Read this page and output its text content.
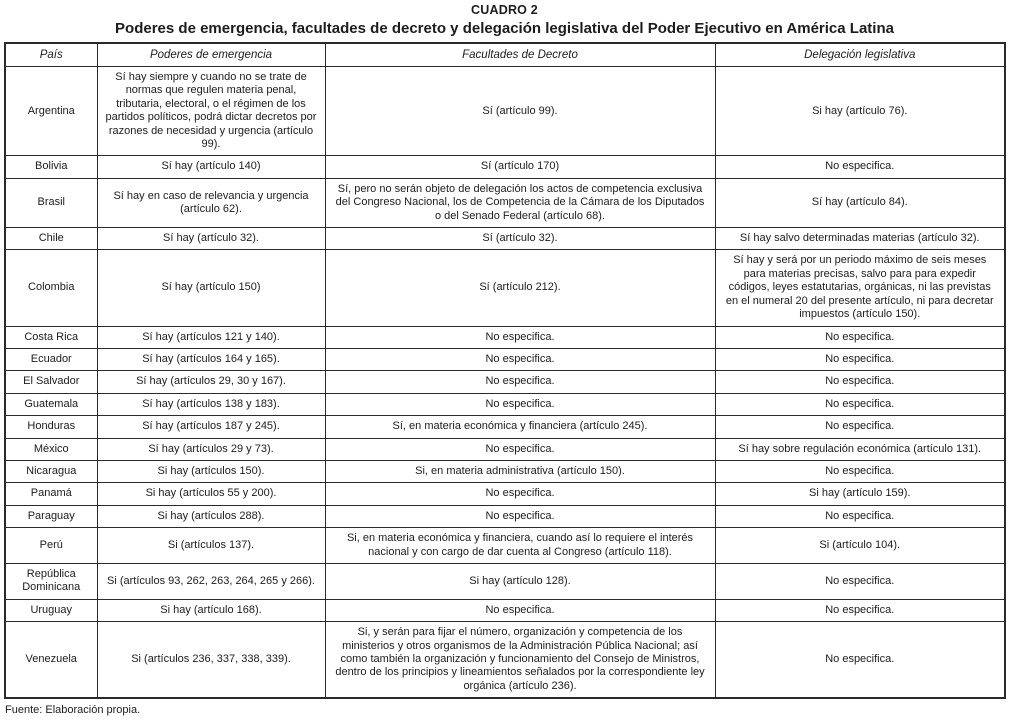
CUADRO 2
Poderes de emergencia, facultades de decreto y delegación legislativa del Poder Ejecutivo en América Latina
País	Poderes de emergencia	Facultades de Decreto	Delegación legislativa
Argentina	Sí hay siempre y cuando no se trate de normas que regulen materia penal, tributaria, electoral, o el régimen de los partidos políticos, podrá dictar decretos por razones de necesidad y urgencia (artículo 99).	Sí (artículo 99).	Si hay (artículo 76).
Bolivia	Sí hay (artículo 140)	Sí (artículo 170)	No especifica.
Brasil	Sí hay en caso de relevancia y urgencia (artículo 62).	Sí, pero no serán objeto de delegación los actos de competencia exclusiva del Congreso Nacional, los de Competencia de la Cámara de los Diputados o del Senado Federal (artículo 68).	Sí hay (artículo 84).
Chile	Sí hay (artículo 32).	Sí (artículo 32).	Sí hay salvo determinadas materias (artículo 32).
Colombia	Sí hay (artículo 150)	Sí (artículo 212).	Sí hay y será por un periodo máximo de seis meses para materias precisas, salvo para para expedir códigos, leyes estatutarias, orgánicas, ni las previstas en el numeral 20 del presente artículo, ni para decretar impuestos (artículo 150).
Costa Rica	Sí hay (artículos 121 y 140).	No especifica.	No especifica.
Ecuador	Sí hay (artículos 164 y 165).	No especifica.	No especifica.
El Salvador	Sí hay (artículos 29, 30 y 167).	No especifica.	No especifica.
Guatemala	Sí hay (artículos 138 y 183).	No especifica.	No especifica.
Honduras	Sí hay (artículos 187 y 245).	Sí, en materia económica y financiera (artículo 245).	No especifica.
México	Sí hay (artículos 29 y 73).	No especifica.	Sí hay sobre regulación económica (artículo 131).
Nicaragua	Si hay (artículos 150).	Si, en materia administrativa (artículo 150).	No especifica.
Panamá	Si hay (artículos 55 y 200).	No especifica.	Si hay (artículo 159).
Paraguay	Si hay (artículos 288).	No especifica.	No especifica.
Perú	Si (artículos 137).	Si, en materia económica y financiera, cuando así lo requiere el interés nacional y con cargo de dar cuenta al Congreso (artículo 118).	Si (artículo 104).
República Dominicana	Si (artículos 93, 262, 263, 264, 265 y 266).	Si hay (artículo 128).	No especifica.
Uruguay	Si hay (artículo 168).	No especifica.	No especifica.
Venezuela	Si (artículos 236, 337, 338, 339).	Si, y serán para fijar el número, organización y competencia de los ministerios y otros organismos de la Administración Pública Nacional; así como también la organización y funcionamiento del Consejo de Ministros, dentro de los principios y lineamientos señalados por la correspondiente ley orgánica (artículo 236).	No especifica.
Fuente: Elaboración propia.
